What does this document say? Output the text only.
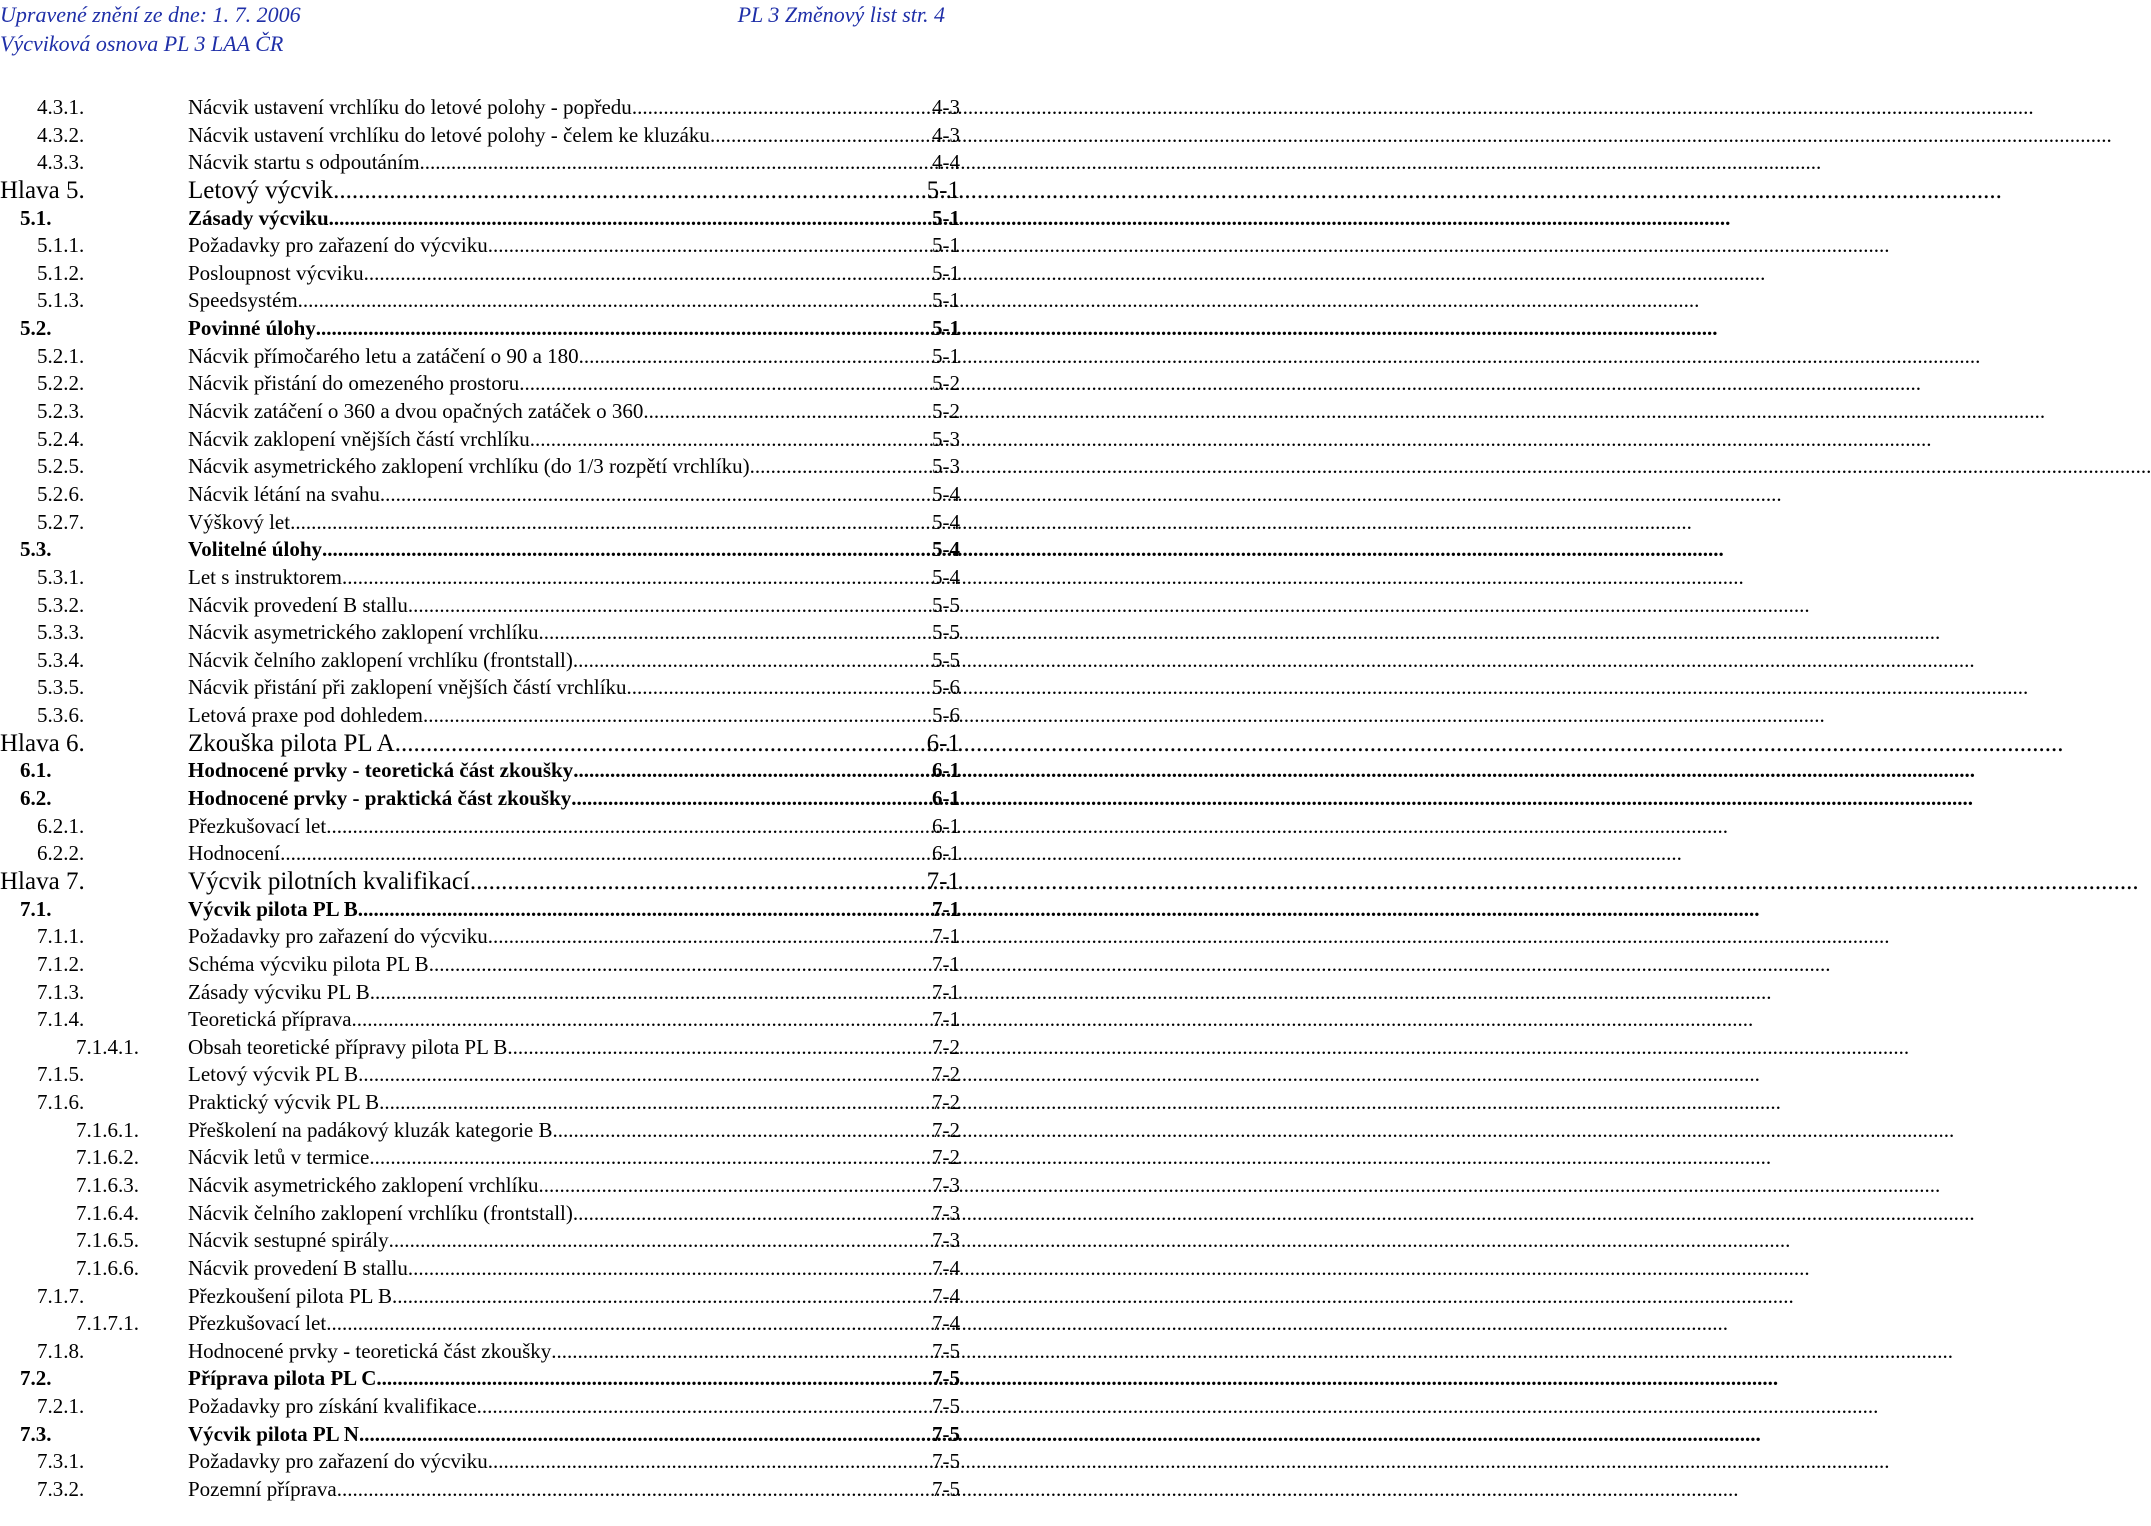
Upravené znění ze dne: 1. 7. 2006	PL 3 Změnový list str. 4
Výcviková osnova PL 3 LAA ČR
4.3.1.	Nácvik ustavení vrchlíku do letové polohy - popředu .....	4-3
4.3.2.	Nácvik ustavení vrchlíku do letové polohy - čelem ke kluzáku .....	4-3
4.3.3.	Nácvik startu s odpoutáním .....	4-4
Hlava 5.	Letový výcvik .....	5-1
5.1.	Zásady výcviku .....	5-1
5.1.1.	Požadavky pro zařazení do výcviku .....	5-1
5.1.2.	Posloupnost výcviku .....	5-1
5.1.3.	Speedsystém .....	5-1
5.2.	Povinné úlohy .....	5-1
5.2.1.	Nácvik přímočarého letu a zatáčení o 90 a 180 .....	5-1
5.2.2.	Nácvik přistání do omezeného prostoru .....	5-2
5.2.3.	Nácvik zatáčení o 360 a dvou opačných zatáček o 360 .....	5-2
5.2.4.	Nácvik zaklopení vnějších částí vrchlíku .....	5-3
5.2.5.	Nácvik asymetrického zaklopení vrchlíku (do 1/3 rozpětí vrchlíku) .....	5-3
5.2.6.	Nácvik létání na svahu .....	5-4
5.2.7.	Výškový let .....	5-4
5.3.	Volitelné úlohy .....	5-4
5.3.1.	Let s instruktorem .....	5-4
5.3.2.	Nácvik provedení B stallu .....	5-5
5.3.3.	Nácvik asymetrického zaklopení vrchlíku .....	5-5
5.3.4.	Nácvik čelního zaklopení vrchlíku (frontstall) .....	5-5
5.3.5.	Nácvik přistání při zaklopení vnějších částí vrchlíku .....	5-6
5.3.6.	Letová praxe pod dohledem .....	5-6
Hlava 6.	Zkouška pilota PL A .....	6-1
6.1.	Hodnocené prvky - teoretická část zkoušky .....	6-1
6.2.	Hodnocené prvky - praktická část zkoušky .....	6-1
6.2.1.	Přezkušovací let .....	6-1
6.2.2.	Hodnocení .....	6-1
Hlava 7.	Výcvik pilotních kvalifikací .....	7-1
7.1.	Výcvik pilota PL B .....	7-1
7.1.1.	Požadavky pro zařazení do výcviku .....	7-1
7.1.2.	Schéma výcviku pilota PL B .....	7-1
7.1.3.	Zásady výcviku PL B .....	7-1
7.1.4.	Teoretická příprava .....	7-1
7.1.4.1. Obsah teoretické přípravy pilota PL B .....	7-2
7.1.5.	Letový výcvik PL B .....	7-2
7.1.6.	Praktický výcvik PL B .....	7-2
7.1.6.1. Přeškolení na padákový kluzák kategorie B .....	7-2
7.1.6.2. Nácvik letů v termice .....	7-2
7.1.6.3. Nácvik asymetrického zaklopení vrchlíku .....	7-3
7.1.6.4. Nácvik čelního zaklopení vrchlíku (frontstall) .....	7-3
7.1.6.5. Nácvik sestupné spirály .....	7-3
7.1.6.6. Nácvik provedení B stallu .....	7-4
7.1.7.	Přezkoušení pilota PL B .....	7-4
7.1.7.1. Přezkušovací let .....	7-4
7.1.8.	Hodnocené prvky - teoretická část zkoušky .....	7-5
7.2.	Příprava pilota PL C .....	7-5
7.2.1.	Požadavky pro získání kvalifikace .....	7-5
7.3.	Výcvik pilota PL N .....	7-5
7.3.1.	Požadavky pro zařazení do výcviku .....	7-5
7.3.2.	Pozemní příprava .....	7-5
